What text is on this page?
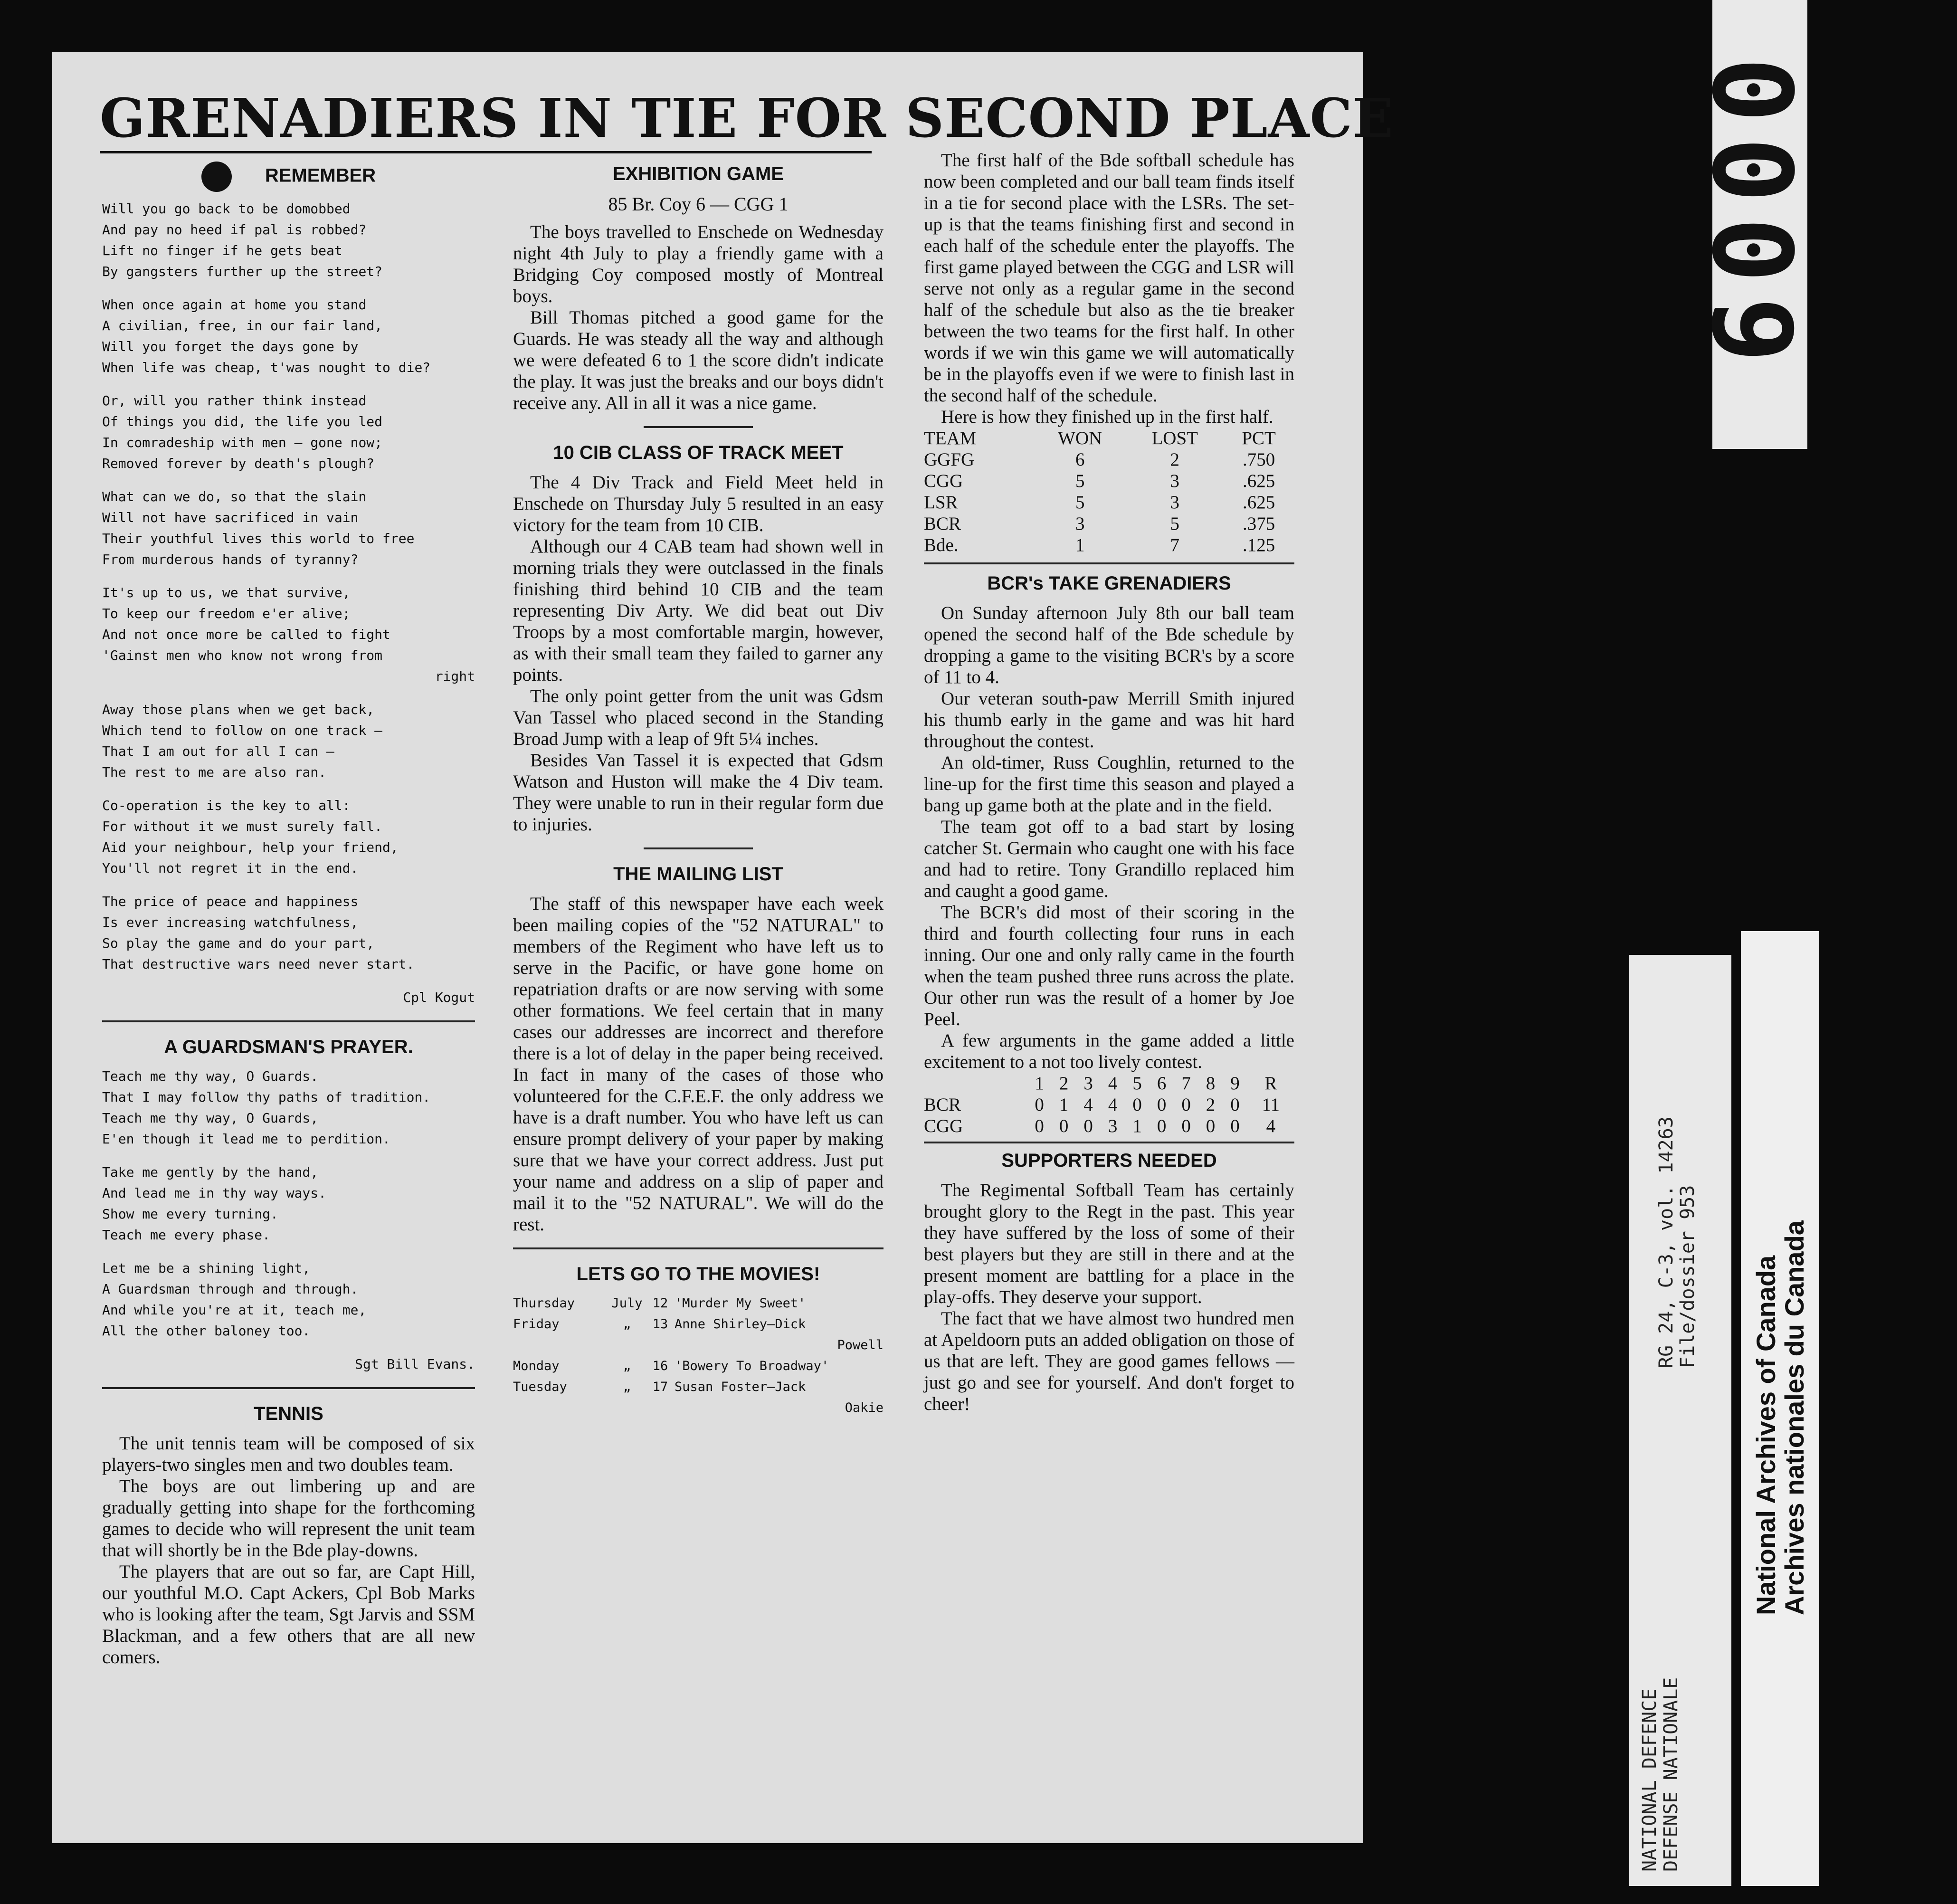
GRENADIERS IN TIE FOR SECOND PLACE
REMEMBER
Will you go back to be domobbed
And pay no heed if pal is robbed?
Lift no finger if he gets beat
By gangsters further up the street?
When once again at home you stand
A civilian, free, in our fair land,
Will you forget the days gone by
When life was cheap, t'was nought to die?
Or, will you rather think instead
Of things you did, the life you led
In comradeship with men — gone now;
Removed forever by death's plough?
What can we do, so that the slain
Will not have sacrificed in vain
Their youthful lives this world to free
From murderous hands of tyranny?
It's up to us, we that survive,
To keep our freedom e'er alive;
And not once more be called to fight
'Gainst men who know not wrong from
right
Away those plans when we get back,
Which tend to follow on one track —
That I am out for all I can —
The rest to me are also ran.
Co-operation is the key to all:
For without it we must surely fall.
Aid your neighbour, help your friend,
You'll not regret it in the end.
The price of peace and happiness
Is ever increasing watchfulness,
So play the game and do your part,
That destructive wars need never start.
Cpl Kogut
A GUARDSMAN'S PRAYER.
Teach me thy way, O Guards.
That I may follow thy paths of tradition.
Teach me thy way, O Guards,
E'en though it lead me to perdition.
Take me gently by the hand,
And lead me in thy way ways.
Show me every turning.
Teach me every phase.
Let me be a shining light,
A Guardsman through and through.
And while you're at it, teach me,
All the other baloney too.
Sgt Bill Evans.
TENNIS

The unit tennis team will be composed of six players-two singles men and two doubles team.

The boys are out limbering up and are gradually getting into shape for the forthcoming games to decide who will represent the unit team that will shortly be in the Bde play-downs.

The players that are out so far, are Capt Hill, our youthful M.O. Capt Ackers, Cpl Bob Marks who is looking after the team, Sgt Jarvis and SSM Blackman, and a few others that are all new comers.

EXHIBITION GAME
85 Br. Coy 6 — CGG 1

The boys travelled to Enschede on Wednesday night 4th July to play a friendly game with a Bridging Coy composed mostly of Montreal boys.

Bill Thomas pitched a good game for the Guards. He was steady all the way and although we were defeated 6 to 1 the score didn't indicate the play. It was just the breaks and our boys didn't receive any. All in all it was a nice game.

10 CIB CLASS OF TRACK MEET

The 4 Div Track and Field Meet held in Enschede on Thursday July 5 resulted in an easy victory for the team from 10 CIB.

Although our 4 CAB team had shown well in morning trials they were outclassed in the finals finishing third behind 10 CIB and the team representing Div Arty. We did beat out Div Troops by a most comfortable margin, however, as with their small team they failed to garner any points.

The only point getter from the unit was Gdsm Van Tassel who placed second in the Standing Broad Jump with a leap of 9ft 5¼ inches.

Besides Van Tassel it is expected that Gdsm Watson and Huston will make the 4 Div team. They were unable to run in their regular form due to injuries.

THE MAILING LIST

The staff of this newspaper have each week been mailing copies of the "52 NATURAL" to members of the Regiment who have left us to serve in the Pacific, or have gone home on repatriation drafts or are now serving with some other formations. We feel certain that in many cases our addresses are incorrect and therefore there is a lot of delay in the paper being received. In fact in many of the cases of those who volunteered for the C.F.E.F. the only address we have is a draft number. You who have left us can ensure prompt delivery of your paper by making sure that we have your correct address. Just put your name and address on a slip of paper and mail it to the "52 NATURAL". We will do the rest.

LETS GO TO THE MOVIES!
Thursday	July 12 'Murder My Sweet'
Friday	„	13 Anne Shirley—Dick
Powell
Monday	„	16 'Bowery To Broadway'
Tuesday	„	17 Susan Foster—Jack
Oakie

The first half of the Bde softball schedule has now been completed and our ball team finds itself in a tie for second place with the LSRs. The set-up is that the teams finishing first and second in each half of the schedule enter the playoffs. The first game played between the CGG and LSR will serve not only as a regular game in the second half of the schedule but also as the tie breaker between the two teams for the first half. In other words if we win this game we will automatically be in the playoffs even if we were to finish last in the second half of the schedule.

Here is how they finished up in the first half.

TEAM	WON	LOST	PCT
GGFG	6	2	.750
CGG	5	3	.625
LSR	5	3	.625
BCR	3	5	.375
Bde.	1	7	.125
BCR's TAKE GRENADIERS

On Sunday afternoon July 8th our ball team opened the second half of the Bde schedule by dropping a game to the visiting BCR's by a score of 11 to 4.

Our veteran south-paw Merrill Smith injured his thumb early in the game and was hit hard throughout the contest.

An old-timer, Russ Coughlin, returned to the line-up for the first time this season and played a bang up game both at the plate and in the field.

The team got off to a bad start by losing catcher St. Germain who caught one with his face and had to retire. Tony Grandillo replaced him and caught a good game.

The BCR's did most of their scoring in the third and fourth collecting four runs in each inning. Our one and only rally came in the fourth when the team pushed three runs across the plate. Our other run was the result of a homer by Joe Peel.

A few arguments in the game added a little excitement to a not too lively contest.

	1	2	3	4	5	6	7	8	9	R
BCR	0	1	4	4	0	0	0	2	0	11
CGG	0	0	0	3	1	0	0	0	0	4
SUPPORTERS NEEDED

The Regimental Softball Team has certainly brought glory to the Regt in the past. This year they have suffered by the loss of some of their best players but they are still in there and at the present moment are battling for a place in the play-offs. They deserve your support.

The fact that we have almost two hundred men at Apeldoorn puts an added obligation on those of us that are left. They are good games fellows — just go and see for yourself. And don't forget to cheer!

0009
RG 24, C-3, vol. 14263 File/dossier 953
NATIONAL DEFENCE DEFENSE NATIONALE
National Archives of Canada
Archives nationales du Canada
